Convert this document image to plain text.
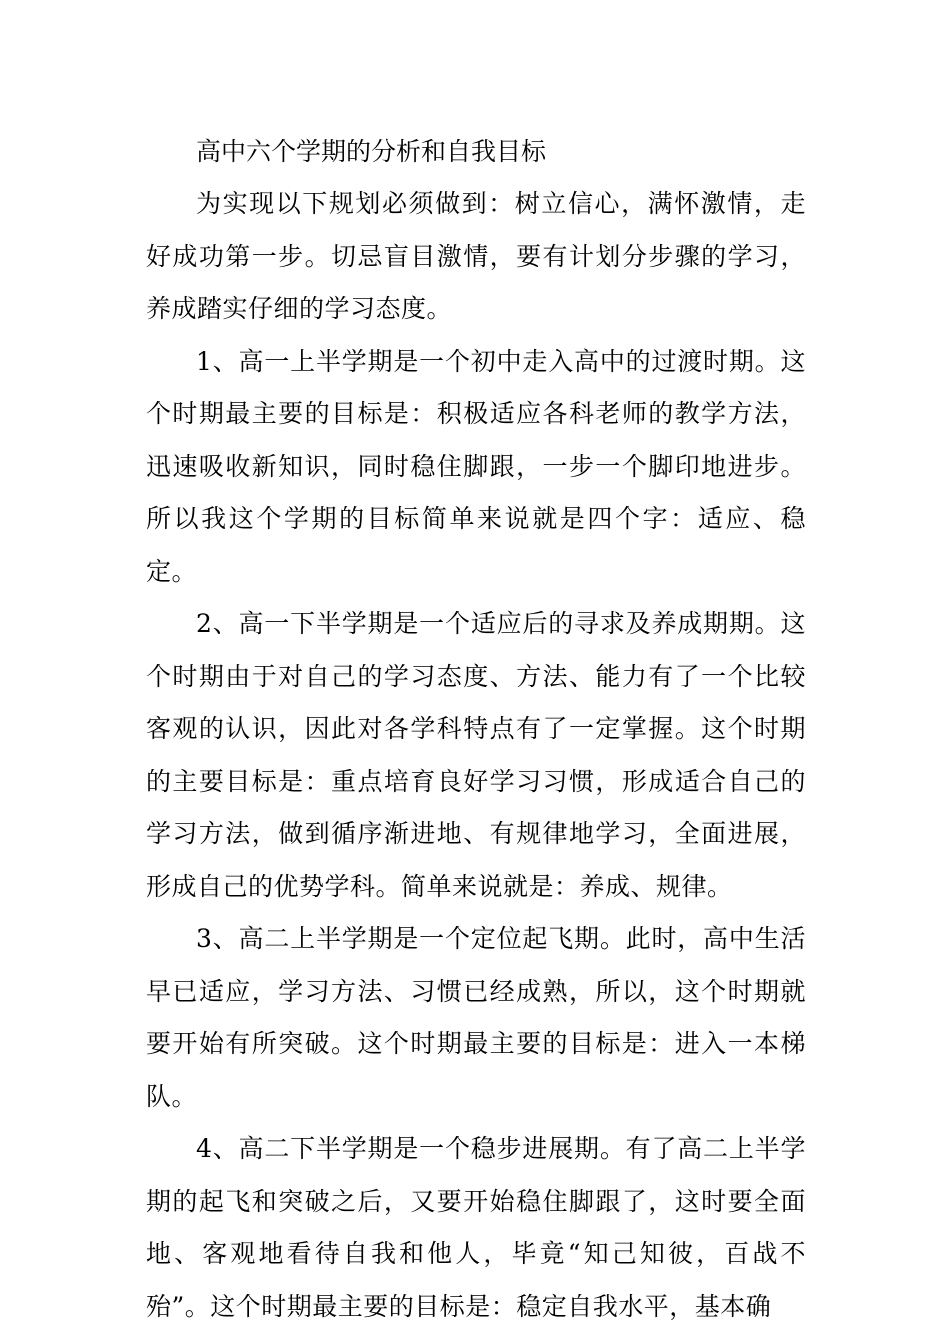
高中六个学期的分析和自我目标

为实现以下规划必须做到：树立信心，满怀激情，走好成功第一步。切忌盲目激情，要有计划分步骤的学习，养成踏实仔细的学习态度。

1、高一上半学期是一个初中走入高中的过渡时期。这个时期最主要的目标是：积极适应各科老师的教学方法，迅速吸收新知识，同时稳住脚跟，一步一个脚印地进步。所以我这个学期的目标简单来说就是四个字：适应、稳定。

2、高一下半学期是一个适应后的寻求及养成期期。这个时期由于对自己的学习态度、方法、能力有了一个比较客观的认识，因此对各学科特点有了一定掌握。这个时期的主要目标是：重点培育良好学习习惯，形成适合自己的学习方法，做到循序渐进地、有规律地学习，全面进展，形成自己的优势学科。简单来说就是：养成、规律。

3、高二上半学期是一个定位起飞期。此时，高中生活早已适应，学习方法、习惯已经成熟，所以，这个时期就要开始有所突破。这个时期最主要的目标是：进入一本梯队。

4、高二下半学期是一个稳步进展期。有了高二上半学期的起飞和突破之后，又要开始稳住脚跟了，这时要全面地、客观地看待自我和他人，毕竟“知己知彼，百战不殆”。这个时期最主要的目标是：稳定自我水平，基本确
